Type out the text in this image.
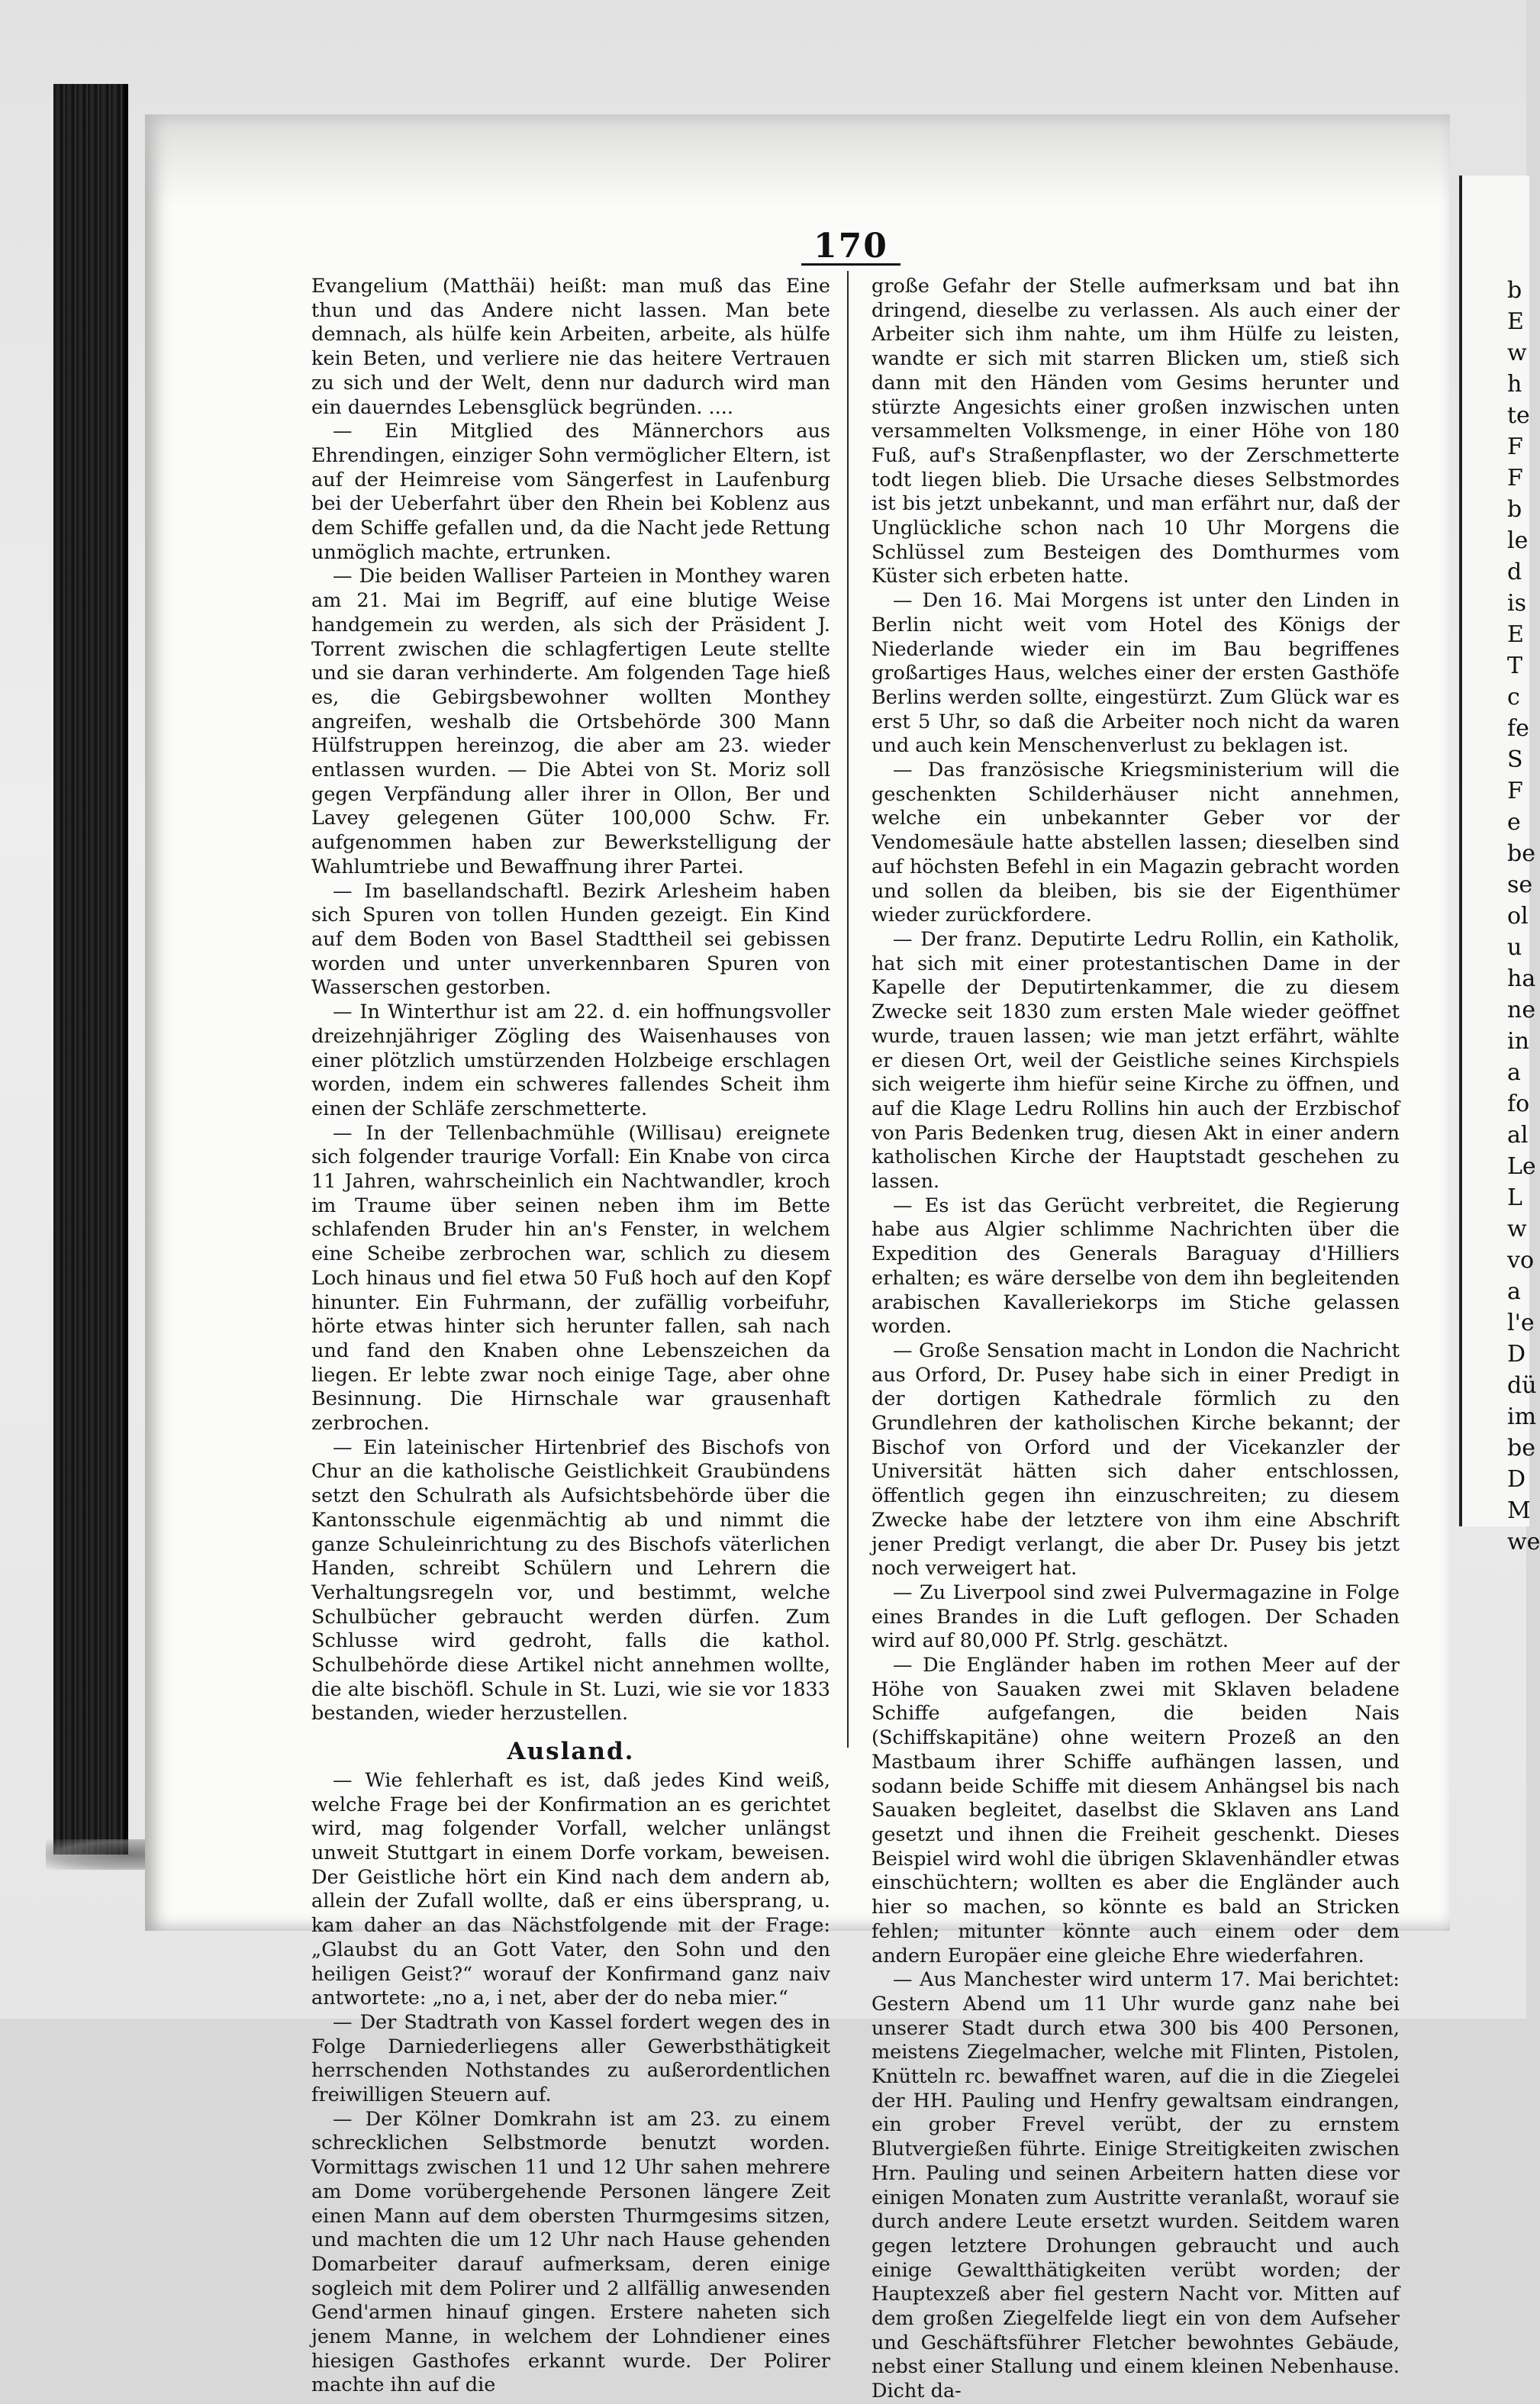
b
E
w
h
te
F
F
b
le
d
is
E
T
c
fe
S
F
e
be
se
ol
u
ha
ne
in
a
fo
al
Le
L
w
vo
a
l'e
D
dü
im
be
D
M
we
170

Evangelium (Matthäi) heißt: man muß das Eine thun und das Andere nicht lassen. Man bete demnach, als hülfe kein Arbeiten, arbeite, als hülfe kein Beten, und verliere nie das heitere Vertrauen zu sich und der Welt, denn nur dadurch wird man ein dauerndes Lebensglück begründen. ....

— Ein Mitglied des Männerchors aus Ehrendingen, einziger Sohn vermöglicher Eltern, ist auf der Heimreise vom Sängerfest in Laufenburg bei der Ueberfahrt über den Rhein bei Koblenz aus dem Schiffe gefallen und, da die Nacht jede Rettung unmöglich machte, ertrunken.

— Die beiden Walliser Parteien in Monthey waren am 21. Mai im Begriff, auf eine blutige Weise handgemein zu werden, als sich der Präsident J. Torrent zwischen die schlagfertigen Leute stellte und sie daran verhinderte. Am folgenden Tage hieß es, die Gebirgsbewohner wollten Monthey angreifen, weshalb die Ortsbehörde 300 Mann Hülfstruppen hereinzog, die aber am 23. wieder entlassen wurden. — Die Abtei von St. Moriz soll gegen Verpfändung aller ihrer in Ollon, Ber und Lavey gelegenen Güter 100,000 Schw. Fr. aufgenommen haben zur Bewerkstelligung der Wahlumtriebe und Bewaffnung ihrer Partei.

— Im basellandschaftl. Bezirk Arlesheim haben sich Spuren von tollen Hunden gezeigt. Ein Kind auf dem Boden von Basel Stadttheil sei gebissen worden und unter unverkennbaren Spuren von Wasserschen gestorben.

— In Winterthur ist am 22. d. ein hoffnungsvoller dreizehnjähriger Zögling des Waisenhauses von einer plötzlich umstürzenden Holzbeige erschlagen worden, indem ein schweres fallendes Scheit ihm einen der Schläfe zerschmetterte.

— In der Tellenbachmühle (Willisau) ereignete sich folgender traurige Vorfall: Ein Knabe von circa 11 Jahren, wahrscheinlich ein Nachtwandler, kroch im Traume über seinen neben ihm im Bette schlafenden Bruder hin an's Fenster, in welchem eine Scheibe zerbrochen war, schlich zu diesem Loch hinaus und fiel etwa 50 Fuß hoch auf den Kopf hinunter. Ein Fuhrmann, der zufällig vorbeifuhr, hörte etwas hinter sich herunter fallen, sah nach und fand den Knaben ohne Lebenszeichen da liegen. Er lebte zwar noch einige Tage, aber ohne Besinnung. Die Hirnschale war grausenhaft zerbrochen.

— Ein lateinischer Hirtenbrief des Bischofs von Chur an die katholische Geistlichkeit Graubündens setzt den Schulrath als Aufsichtsbehörde über die Kantonsschule eigenmächtig ab und nimmt die ganze Schuleinrichtung zu des Bischofs väterlichen Handen, schreibt Schülern und Lehrern die Verhaltungsregeln vor, und bestimmt, welche Schulbücher gebraucht werden dürfen. Zum Schlusse wird gedroht, falls die kathol. Schulbehörde diese Artikel nicht annehmen wollte, die alte bischöfl. Schule in St. Luzi, wie sie vor 1833 bestanden, wieder herzustellen.

Ausland.

— Wie fehlerhaft es ist, daß jedes Kind weiß, welche Frage bei der Konfirmation an es gerichtet wird, mag folgender Vorfall, welcher unlängst unweit Stuttgart in einem Dorfe vorkam, beweisen. Der Geistliche hört ein Kind nach dem andern ab, allein der Zufall wollte, daß er eins übersprang, u. kam daher an das Nächstfolgende mit der Frage: „Glaubst du an Gott Vater, den Sohn und den heiligen Geist?“ worauf der Konfirmand ganz naiv antwortete: „no a, i net, aber der do neba mier.“

— Der Stadtrath von Kassel fordert wegen des in Folge Darniederliegens aller Gewerbsthätigkeit herrschenden Nothstandes zu außerordentlichen freiwilligen Steuern auf.

— Der Kölner Domkrahn ist am 23. zu einem schrecklichen Selbstmorde benutzt worden. Vormittags zwischen 11 und 12 Uhr sahen mehrere am Dome vorübergehende Personen längere Zeit einen Mann auf dem obersten Thurmgesims sitzen, und machten die um 12 Uhr nach Hause gehenden Domarbeiter darauf aufmerksam, deren einige sogleich mit dem Polirer und 2 allfällig anwesenden Gend'armen hinauf gingen. Erstere naheten sich jenem Manne, in welchem der Lohndiener eines hiesigen Gasthofes erkannt wurde. Der Polirer machte ihn auf die

große Gefahr der Stelle aufmerksam und bat ihn dringend, dieselbe zu verlassen. Als auch einer der Arbeiter sich ihm nahte, um ihm Hülfe zu leisten, wandte er sich mit starren Blicken um, stieß sich dann mit den Händen vom Gesims herunter und stürzte Angesichts einer großen inzwischen unten versammelten Volksmenge, in einer Höhe von 180 Fuß, auf's Straßenpflaster, wo der Zerschmetterte todt liegen blieb. Die Ursache dieses Selbstmordes ist bis jetzt unbekannt, und man erfährt nur, daß der Unglückliche schon nach 10 Uhr Morgens die Schlüssel zum Besteigen des Domthurmes vom Küster sich erbeten hatte.

— Den 16. Mai Morgens ist unter den Linden in Berlin nicht weit vom Hotel des Königs der Niederlande wieder ein im Bau begriffenes großartiges Haus, welches einer der ersten Gasthöfe Berlins werden sollte, eingestürzt. Zum Glück war es erst 5 Uhr, so daß die Arbeiter noch nicht da waren und auch kein Menschenverlust zu beklagen ist.

— Das französische Kriegsministerium will die geschenkten Schilderhäuser nicht annehmen, welche ein unbekannter Geber vor der Vendomesäule hatte abstellen lassen; dieselben sind auf höchsten Befehl in ein Magazin gebracht worden und sollen da bleiben, bis sie der Eigenthümer wieder zurückfordere.

— Der franz. Deputirte Ledru Rollin, ein Katholik, hat sich mit einer protestantischen Dame in der Kapelle der Deputirtenkammer, die zu diesem Zwecke seit 1830 zum ersten Male wieder geöffnet wurde, trauen lassen; wie man jetzt erfährt, wählte er diesen Ort, weil der Geistliche seines Kirchspiels sich weigerte ihm hiefür seine Kirche zu öffnen, und auf die Klage Ledru Rollins hin auch der Erzbischof von Paris Bedenken trug, diesen Akt in einer andern katholischen Kirche der Hauptstadt geschehen zu lassen.

— Es ist das Gerücht verbreitet, die Regierung habe aus Algier schlimme Nachrichten über die Expedition des Generals Baraguay d'Hilliers erhalten; es wäre derselbe von dem ihn begleitenden arabischen Kavalleriekorps im Stiche gelassen worden.

— Große Sensation macht in London die Nachricht aus Orford, Dr. Pusey habe sich in einer Predigt in der dortigen Kathedrale förmlich zu den Grundlehren der katholischen Kirche bekannt; der Bischof von Orford und der Vicekanzler der Universität hätten sich daher entschlossen, öffentlich gegen ihn einzuschreiten; zu diesem Zwecke habe der letztere von ihm eine Abschrift jener Predigt verlangt, die aber Dr. Pusey bis jetzt noch verweigert hat.

— Zu Liverpool sind zwei Pulvermagazine in Folge eines Brandes in die Luft geflogen. Der Schaden wird auf 80,000 Pf. Strlg. geschätzt.

— Die Engländer haben im rothen Meer auf der Höhe von Sauaken zwei mit Sklaven beladene Schiffe aufgefangen, die beiden Nais (Schiffskapitäne) ohne weitern Prozeß an den Mastbaum ihrer Schiffe aufhängen lassen, und sodann beide Schiffe mit diesem Anhängsel bis nach Sauaken begleitet, daselbst die Sklaven ans Land gesetzt und ihnen die Freiheit geschenkt. Dieses Beispiel wird wohl die übrigen Sklavenhändler etwas einschüchtern; wollten es aber die Engländer auch hier so machen, so könnte es bald an Stricken fehlen; mitunter könnte auch einem oder dem andern Europäer eine gleiche Ehre wiederfahren.

— Aus Manchester wird unterm 17. Mai berichtet: Gestern Abend um 11 Uhr wurde ganz nahe bei unserer Stadt durch etwa 300 bis 400 Personen, meistens Ziegelmacher, welche mit Flinten, Pistolen, Knütteln rc. bewaffnet waren, auf die in die Ziegelei der HH. Pauling und Henfry gewaltsam eindrangen, ein grober Frevel verübt, der zu ernstem Blutvergießen führte. Einige Streitigkeiten zwischen Hrn. Pauling und seinen Arbeitern hatten diese vor einigen Monaten zum Austritte veranlaßt, worauf sie durch andere Leute ersetzt wurden. Seitdem waren gegen letztere Drohungen gebraucht und auch einige Gewaltthätigkeiten verübt worden; der Hauptexzeß aber fiel gestern Nacht vor. Mitten auf dem großen Ziegelfelde liegt ein von dem Aufseher und Geschäftsführer Fletcher bewohntes Gebäude, nebst einer Stallung und einem kleinen Nebenhause. Dicht da-
